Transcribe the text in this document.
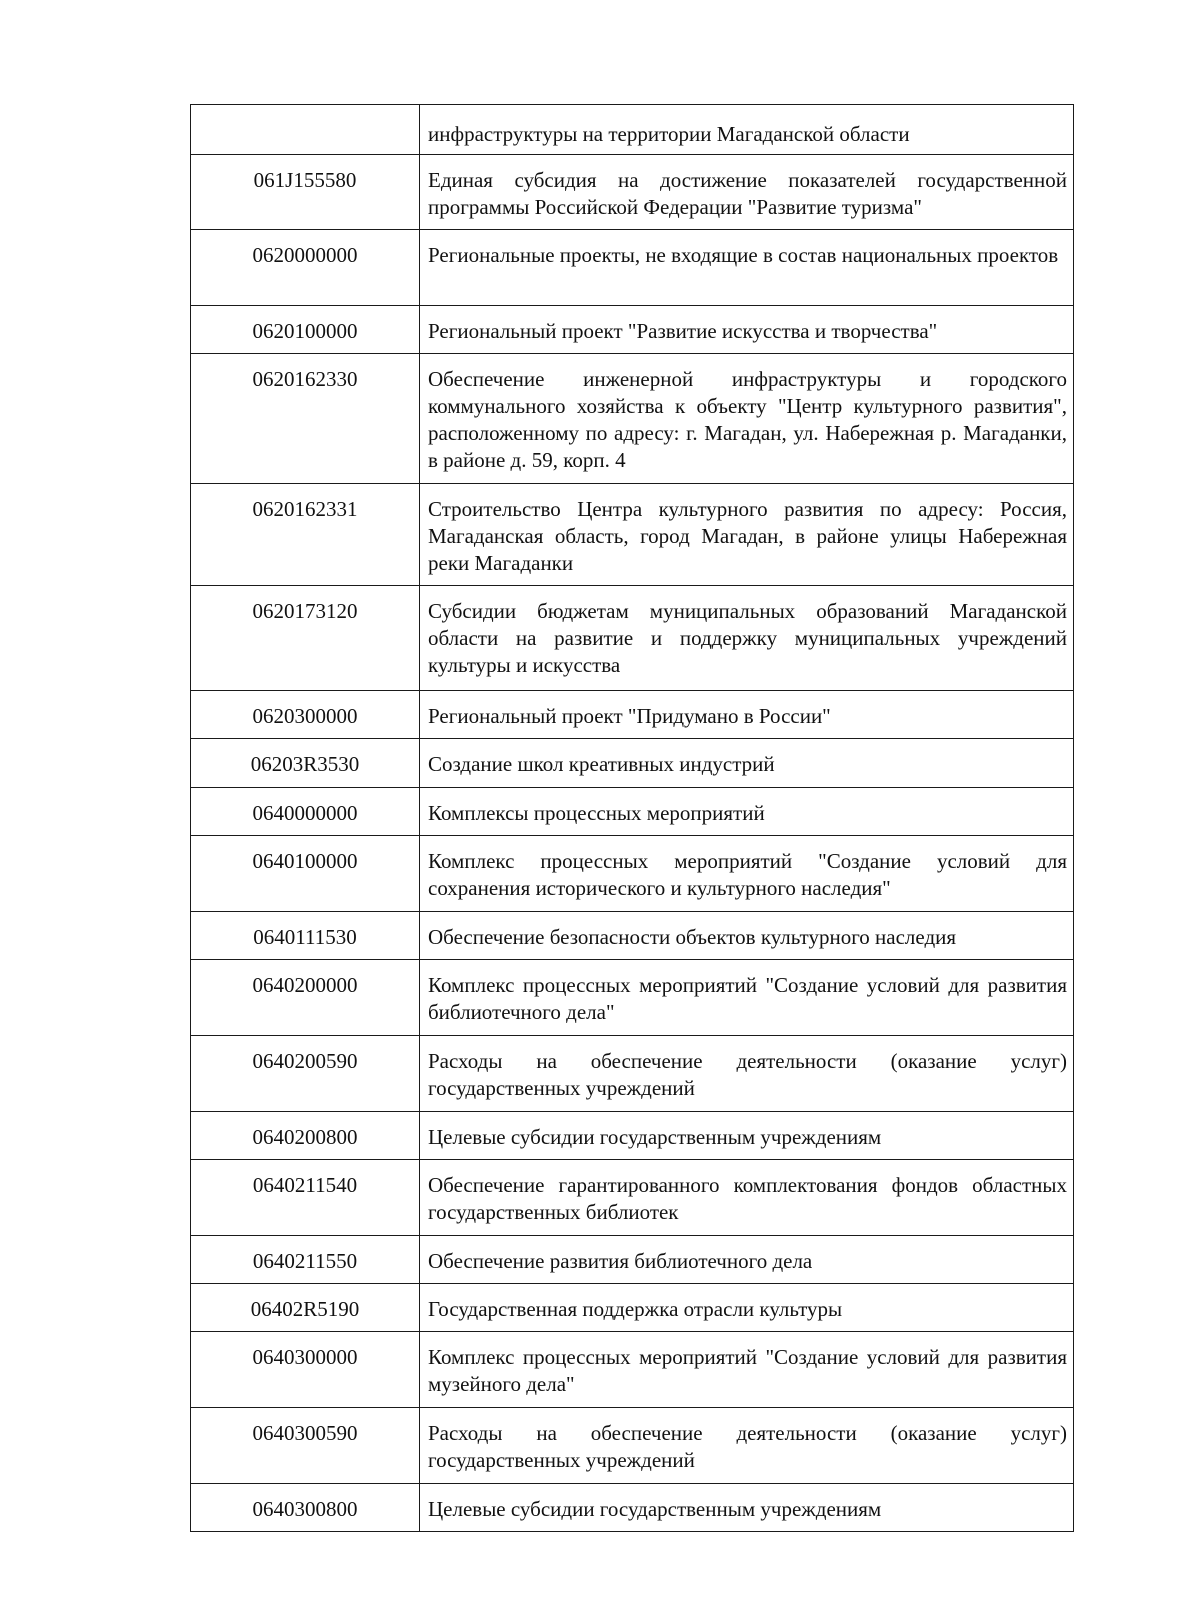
	инфраструктуры на территории Магаданской области
061J155580	Единая субсидия на достижение показателей государственной программы Российской Федерации "Развитие туризма"
0620000000	Региональные проекты, не входящие в состав национальных проектов
0620100000	Региональный проект "Развитие искусства и творчества"
0620162330	Обеспечение инженерной инфраструктуры и городского коммунального хозяйства к объекту "Центр культурного развития", расположенному по адресу: г. Магадан, ул. Набережная р. Магаданки, в районе д. 59, корп. 4
0620162331	Строительство Центра культурного развития по адресу: Россия, Магаданская область, город Магадан, в районе улицы Набережная реки Магаданки
0620173120	Субсидии бюджетам муниципальных образований Магаданской области на развитие и поддержку муниципальных учреждений культуры и искусства
0620300000	Региональный проект "Придумано в России"
06203R3530	Создание школ креативных индустрий
0640000000	Комплексы процессных мероприятий
0640100000	Комплекс процессных мероприятий "Создание условий для сохранения исторического и культурного наследия"
0640111530	Обеспечение безопасности объектов культурного наследия
0640200000	Комплекс процессных мероприятий "Создание условий для развития библиотечного дела"
0640200590	Расходы на обеспечение деятельности (оказание услуг) государственных учреждений
0640200800	Целевые субсидии государственным учреждениям
0640211540	Обеспечение гарантированного комплектования фондов областных государственных библиотек
0640211550	Обеспечение развития библиотечного дела
06402R5190	Государственная поддержка отрасли культуры
0640300000	Комплекс процессных мероприятий "Создание условий для развития музейного дела"
0640300590	Расходы на обеспечение деятельности (оказание услуг) государственных учреждений
0640300800	Целевые субсидии государственным учреждениям
